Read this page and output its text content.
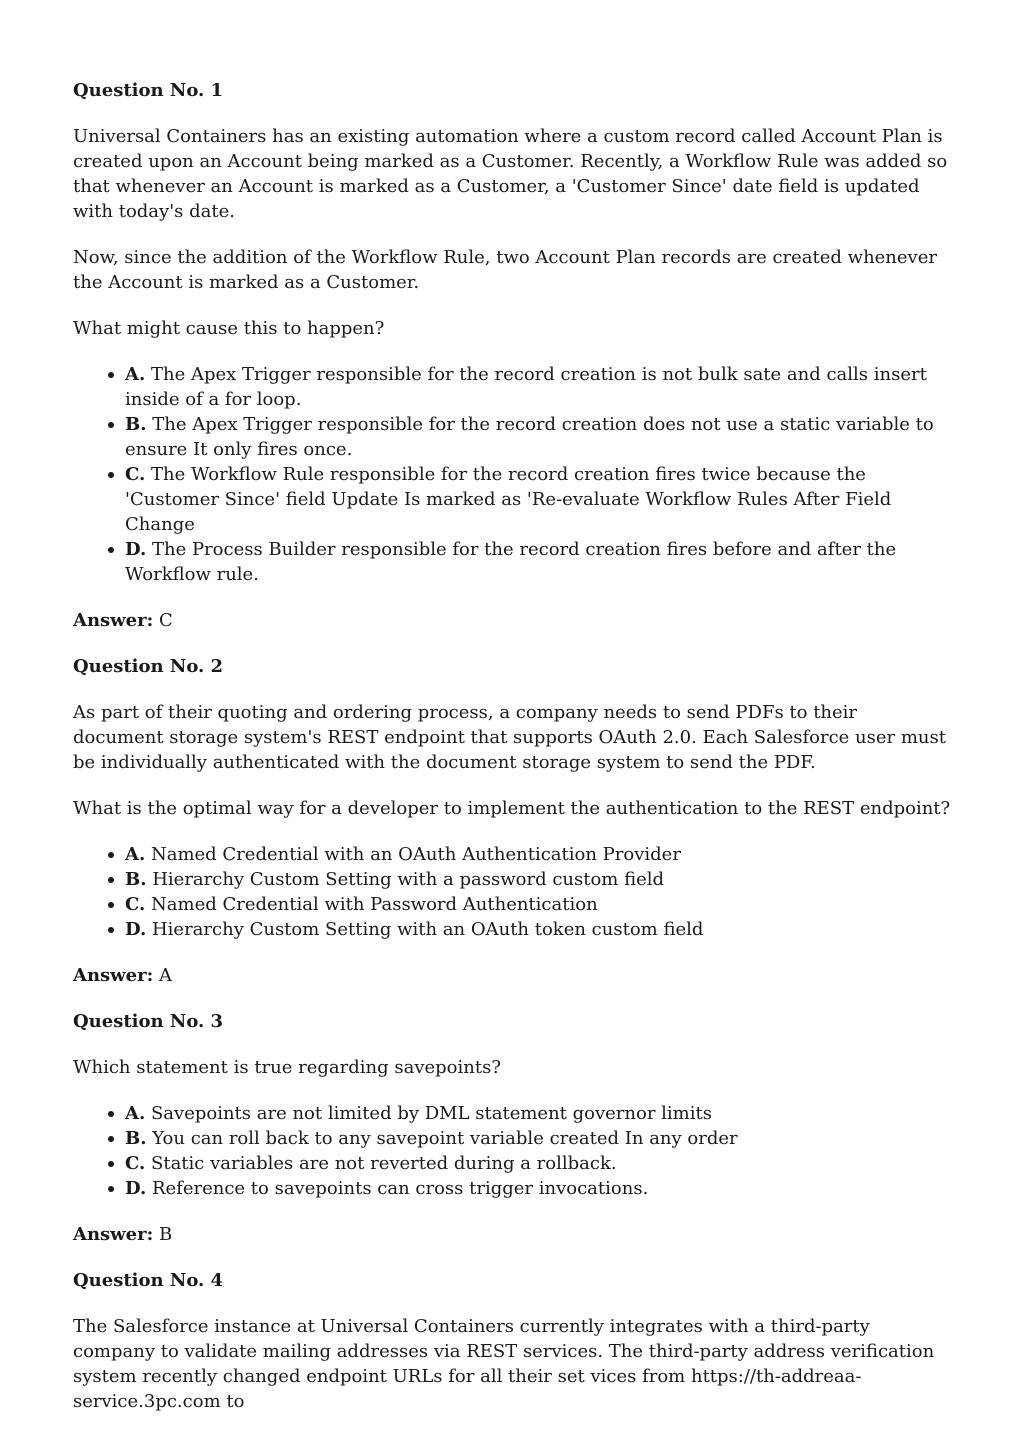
Question No. 1

Universal Containers has an existing automation where a custom record called Account Plan is created upon an Account being marked as a Customer. Recently, a Workflow Rule was added so that whenever an Account is marked as a Customer, a 'Customer Since' date field is updated with today's date.

Now, since the addition of the Workflow Rule, two Account Plan records are created whenever the Account is marked as a Customer.

What might cause this to happen?

A. The Apex Trigger responsible for the record creation is not bulk sate and calls insert inside of a for loop.
B. The Apex Trigger responsible for the record creation does not use a static variable to ensure It only fires once.
C. The Workflow Rule responsible for the record creation fires twice because the 'Customer Since' field Update Is marked as 'Re-evaluate Workflow Rules After Field Change
D. The Process Builder responsible for the record creation fires before and after the Workflow rule.

Answer: C

Question No. 2

As part of their quoting and ordering process, a company needs to send PDFs to their document storage system's REST endpoint that supports OAuth 2.0. Each Salesforce user must be individually authenticated with the document storage system to send the PDF.

What is the optimal way for a developer to implement the authentication to the REST endpoint?

A. Named Credential with an OAuth Authentication Provider
B. Hierarchy Custom Setting with a password custom field
C. Named Credential with Password Authentication
D. Hierarchy Custom Setting with an OAuth token custom field

Answer: A

Question No. 3

Which statement is true regarding savepoints?

A. Savepoints are not limited by DML statement governor limits
B. You can roll back to any savepoint variable created In any order
C. Static variables are not reverted during a rollback.
D. Reference to savepoints can cross trigger invocations.

Answer: B

Question No. 4

The Salesforce instance at Universal Containers currently integrates with a third-party company to validate mailing addresses via REST services. The third-party address verification system recently changed endpoint URLs for all their set vices from https://th-addreaa-service.3pc.com to
